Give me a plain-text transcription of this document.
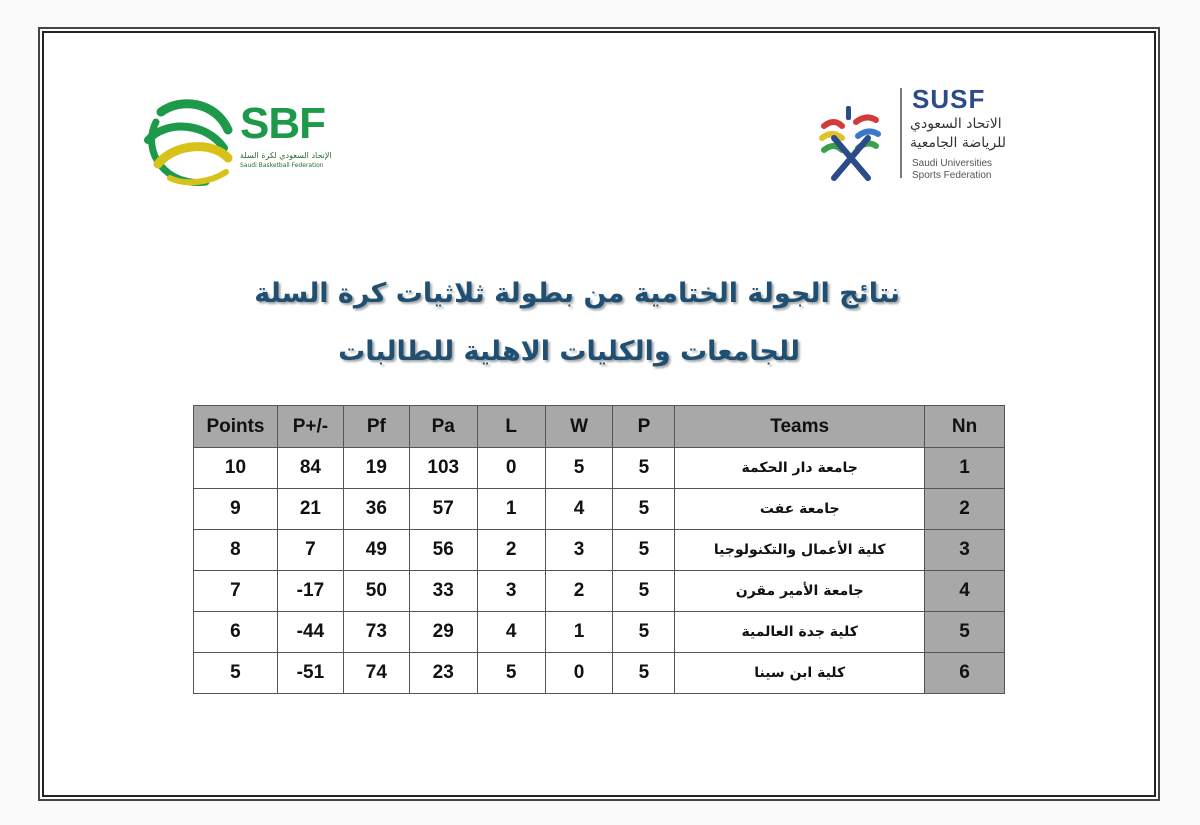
SBF
الإتحاد السعودي لكرة السلة
Saudi Basketball Federation
SUSF
الاتحاد السعودي
للرياضة الجامعية
Saudi Universities
Sports Federation
نتائج الجولة الختامية من بطولة ثلاثيات كرة السلة
للجامعات والكليات الاهلية للطالبات
Points	P+/-	Pf	Pa	L	W	P	Teams	Nn
10	84	19	103	0	5	5	جامعة دار الحكمة	1
9	21	36	57	1	4	5	جامعة عفت	2
8	7	49	56	2	3	5	كلية الأعمال والتكنولوجيا	3
7	-17	50	33	3	2	5	جامعة الأمير مقرن	4
6	-44	73	29	4	1	5	كلية جدة العالمية	5
5	-51	74	23	5	0	5	كلية ابن سينا	6
